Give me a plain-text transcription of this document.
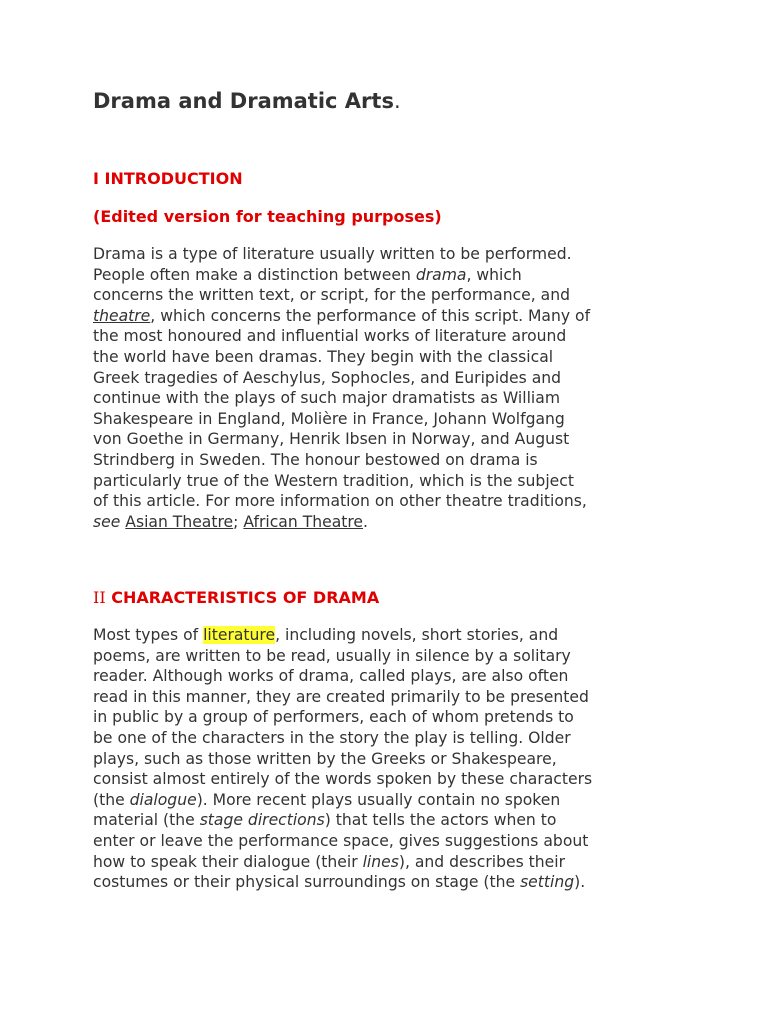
Drama and Dramatic Arts.
I INTRODUCTION
(Edited version for teaching purposes)
Drama is a type of literature usually written to be performed.
People often make a distinction between drama, which
concerns the written text, or script, for the performance, and
theatre, which concerns the performance of this script. Many of
the most honoured and influential works of literature around
the world have been dramas. They begin with the classical
Greek tragedies of Aeschylus, Sophocles, and Euripides and
continue with the plays of such major dramatists as William
Shakespeare in England, Molière in France, Johann Wolfgang
von Goethe in Germany, Henrik Ibsen in Norway, and August
Strindberg in Sweden. The honour bestowed on drama is
particularly true of the Western tradition, which is the subject
of this article. For more information on other theatre traditions,
see Asian Theatre; African Theatre.
II CHARACTERISTICS OF DRAMA
Most types of literature, including novels, short stories, and
poems, are written to be read, usually in silence by a solitary
reader. Although works of drama, called plays, are also often
read in this manner, they are created primarily to be presented
in public by a group of performers, each of whom pretends to
be one of the characters in the story the play is telling. Older
plays, such as those written by the Greeks or Shakespeare,
consist almost entirely of the words spoken by these characters
(the dialogue). More recent plays usually contain no spoken
material (the stage directions) that tells the actors when to
enter or leave the performance space, gives suggestions about
how to speak their dialogue (their lines), and describes their
costumes or their physical surroundings on stage (the setting).
